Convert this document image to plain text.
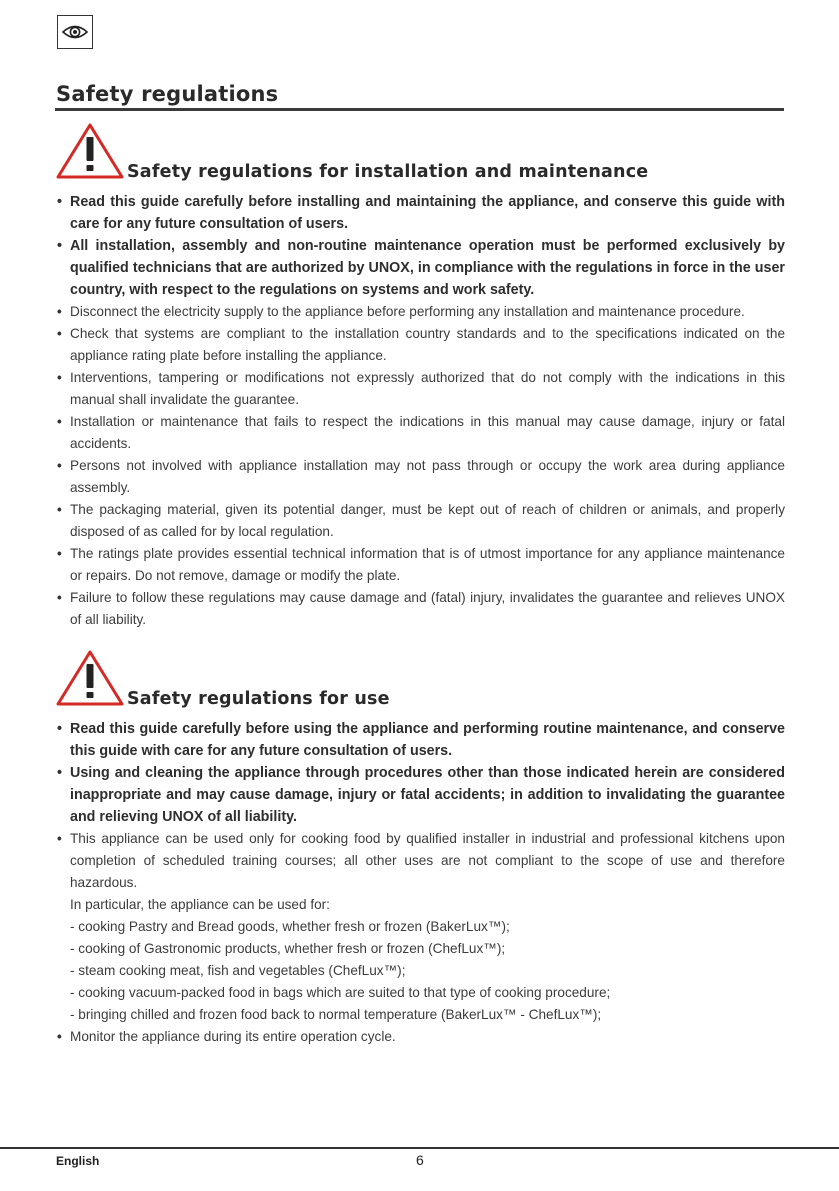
Safety regulations
Safety regulations for installation and maintenance
• Read this guide carefully before installing and maintaining the appliance, and conserve this guide with care for any future consultation of users.
• All installation, assembly and non-routine maintenance operation must be performed exclusively by qualified technicians that are authorized by UNOX, in compliance with the regulations in force in the user country, with respect to the regulations on systems and work safety.
• Disconnect the electricity supply to the appliance before performing any installation and maintenance procedure.
• Check that systems are compliant to the installation country standards and to the specifications indicated on the appliance rating plate before installing the appliance.
• Interventions, tampering or modifications not expressly authorized that do not comply with the indications in this manual shall invalidate the guarantee.
• Installation or maintenance that fails to respect the indications in this manual may cause damage, injury or fatal accidents.
• Persons not involved with appliance installation may not pass through or occupy the work area during appliance assembly.
• The packaging material, given its potential danger, must be kept out of reach of children or animals, and properly disposed of as called for by local regulation.
• The ratings plate provides essential technical information that is of utmost importance for any appliance maintenance or repairs. Do not remove, damage or modify the plate.
• Failure to follow these regulations may cause damage and (fatal) injury, invalidates the guarantee and relieves UNOX of all liability.
Safety regulations for use
• Read this guide carefully before using the appliance and performing routine maintenance, and conserve this guide with care for any future consultation of users.
• Using and cleaning the appliance through procedures other than those indicated herein are considered inappropriate and may cause damage, injury or fatal accidents; in addition to invalidating the guarantee and relieving UNOX of all liability.
• This appliance can be used only for cooking food by qualified installer in industrial and professional kitchens upon completion of scheduled training courses; all other uses are not compliant to the scope of use and therefore hazardous.
In particular, the appliance can be used for:
- cooking Pastry and Bread goods, whether fresh or frozen (BakerLux™);
- cooking of Gastronomic products, whether fresh or frozen (ChefLux™);
- steam cooking meat, fish and vegetables (ChefLux™);
- cooking vacuum-packed food in bags which are suited to that type of cooking procedure;
- bringing chilled and frozen food back to normal temperature (BakerLux™ - ChefLux™);
• Monitor the appliance during its entire operation cycle.
English	6
